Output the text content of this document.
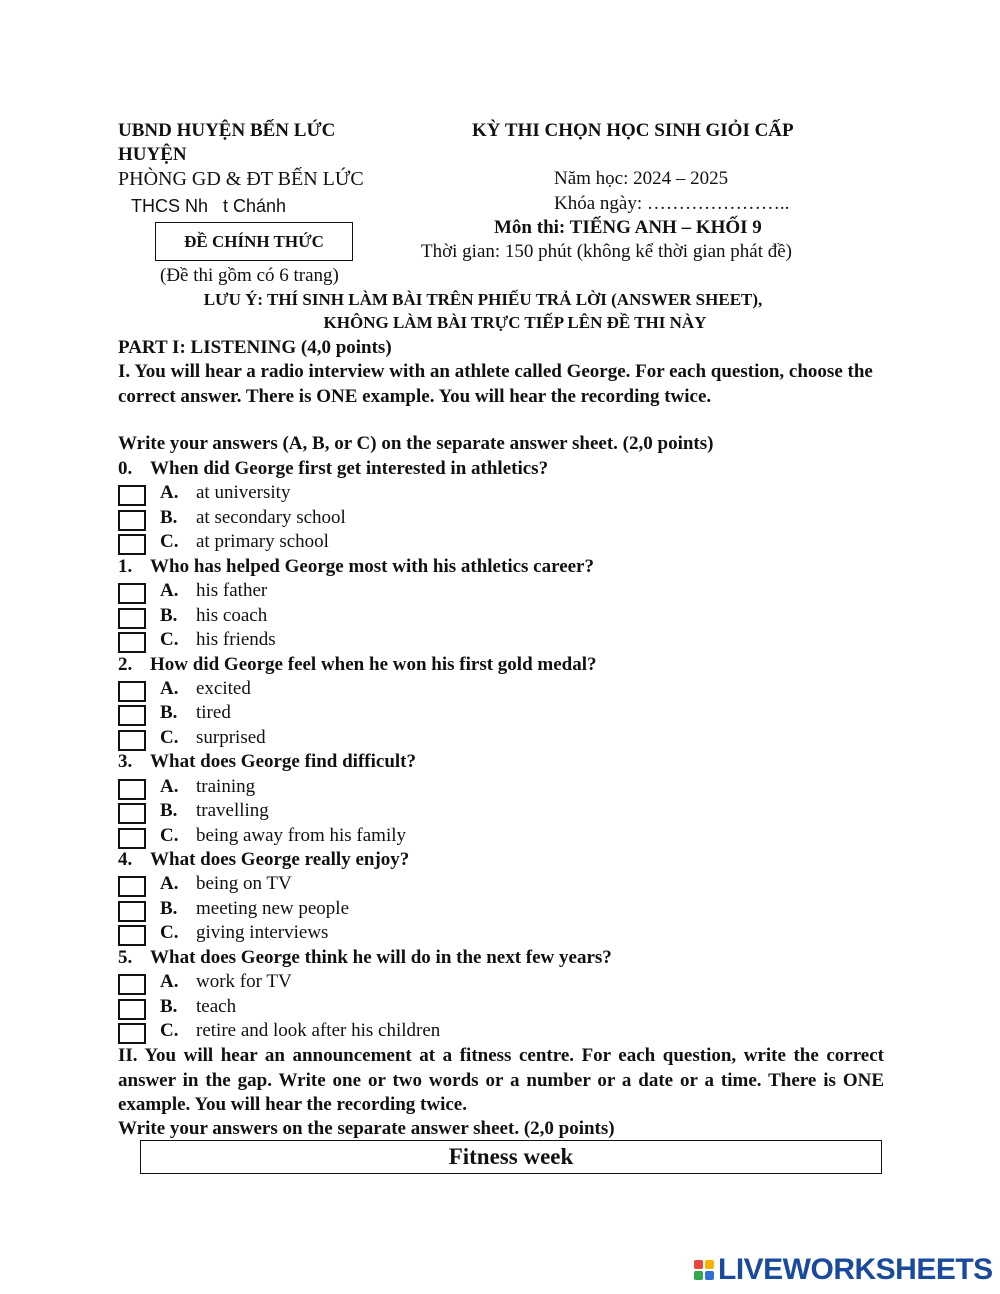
UBND HUYỆN BẾN LỨC
HUYỆN
PHÒNG GD & ĐT BẾN LỨC
THCS Nh   t Chánh
ĐỀ CHÍNH THỨC
(Đề thi gồm có 6 trang)
KỲ THI CHỌN HỌC SINH GIỎI CẤP
Năm học: 2024 – 2025
Khóa ngày: …………………..
Môn thi: TIẾNG ANH – KHỐI 9
Thời gian: 150 phút (không kể thời gian phát đề)
LƯU Ý: THÍ SINH LÀM BÀI TRÊN PHIẾU TRẢ LỜI (ANSWER SHEET),
KHÔNG LÀM BÀI TRỰC TIẾP LÊN ĐỀ THI NÀY
PART I: LISTENING (4,0 points)
I. You will hear a radio interview with an athlete called George. For each question, choose the correct answer. There is ONE example. You will hear the recording twice.
Write your answers (A, B, or C) on the separate answer sheet. (2,0 points)
0. When did George first get interested in athletics?
A. at university
B. at secondary school
C. at primary school
1. Who has helped George most with his athletics career?
A. his father
B. his coach
C. his friends
2. How did George feel when he won his first gold medal?
A. excited
B. tired
C. surprised
3. What does George find difficult?
A. training
B. travelling
C. being away from his family
4. What does George really enjoy?
A. being on TV
B. meeting new people
C. giving interviews
5. What does George think he will do in the next few years?
A. work for TV
B. teach
C. retire and look after his children
II. You will hear an announcement at a fitness centre. For each question, write the correct answer in the gap. Write one or two words or a number or a date or a time. There is ONE example. You will hear the recording twice.
Write your answers on the separate answer sheet. (2,0 points)
Fitness week
LIVEWORKSHEETS
